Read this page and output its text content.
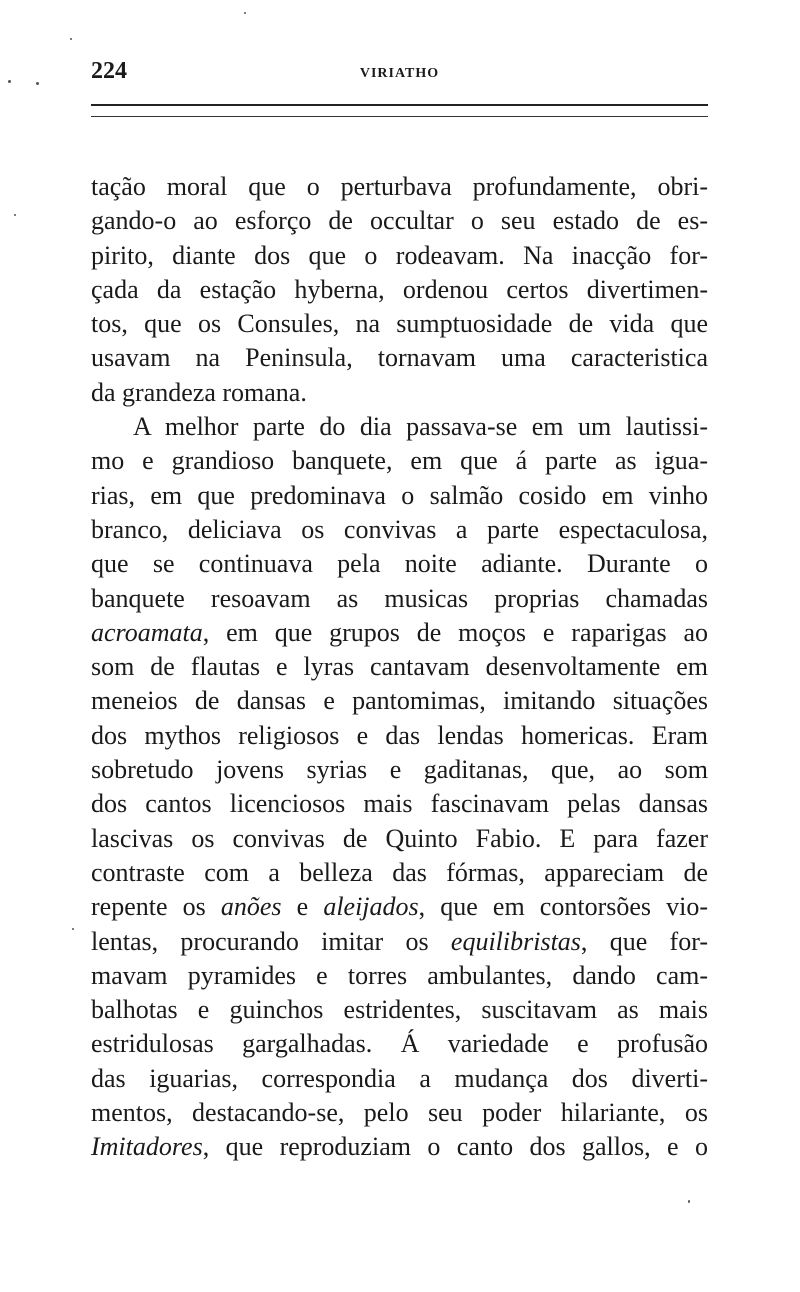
224	VIRIATHO
tação moral que o perturbava profundamente, obri-
gando-o ao esforço de occultar o seu estado de es-
pirito, diante dos que o rodeavam. Na inacção for-
çada da estação hyberna, ordenou certos divertimen-
tos, que os Consules, na sumptuosidade de vida que
usavam na Peninsula, tornavam uma caracteristica
da grandeza romana.
A melhor parte do dia passava-se em um lautissi-
mo e grandioso banquete, em que á parte as igua-
rias, em que predominava o salmão cosido em vinho
branco, deliciava os convivas a parte espectaculosa,
que se continuava pela noite adiante. Durante o
banquete resoavam as musicas proprias chamadas
acroamata, em que grupos de moços e raparigas ao
som de flautas e lyras cantavam desenvoltamente em
meneios de dansas e pantomimas, imitando situações
dos mythos religiosos e das lendas homericas. Eram
sobretudo jovens syrias e gaditanas, que, ao som
dos cantos licenciosos mais fascinavam pelas dansas
lascivas os convivas de Quinto Fabio. E para fazer
contraste com a belleza das fórmas, appareciam de
repente os anões e aleijados, que em contorsões vio-
lentas, procurando imitar os equilibristas, que for-
mavam pyramides e torres ambulantes, dando cam-
balhotas e guinchos estridentes, suscitavam as mais
estridulosas gargalhadas. Á variedade e profusão
das iguarias, correspondia a mudança dos diverti-
mentos, destacando-se, pelo seu poder hilariante, os
Imitadores, que reproduziam o canto dos gallos, e o
